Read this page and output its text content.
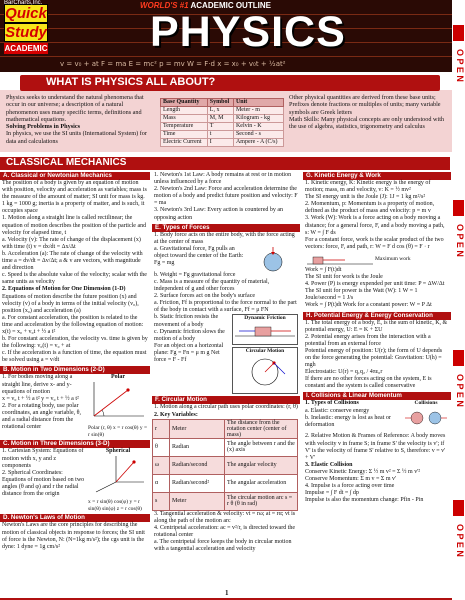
v = v₀ + at F = ma E = mc² p = mv W = F·d x = x₀ + v₀t + ½at²
Quick
Study
ACADEMIC
BarCharts,Inc.	WORLD'S #1 ACADEMIC OUTLINE
PHYSICS
O P E N
O P E N
O P E N
O P E N
WHAT IS PHYSICS ALL ABOUT?
Physics seeks to understand the natural phenomena that occur in our universe; a description of a natural phenomenon uses many specific terms, definitions and mathematical equations.
Solving Problems in Physics
In physics, we use the SI units (International System) for data and calculations
Base Quantity	Symbol	Unit
Length	L, x	Meter - m
Mass	M, M	Kilogram - kg
Temperature	T	Kelvin - K
Time	t	Second - s
Electric Current	I	Ampere - A (C/s)
Other physical quantities are derived from these base units; Prefixes denote fractions or multiples of units; many variable symbols are Greek letters
Math Skills: Many physical concepts are only understood with the use of algebra, statistics, trigonometry and calculus
CLASSICAL MECHANICS
A. Classical or Newtonian Mechanics
The position of a body is given by an equation of motion with position, velocity and acceleration as variables; mass is the measure of the amount of matter; SI unit for mass is kg. 1 kg = 1000 g; inertia is a property of matter, and is such, it occupies space
1. Motion along a straight line is called rectilinear; the equation of motion describes the position of the particle and velocity for elapsed time, t
a. Velocity (v): The rate of change of the displacement (x) with time (t) v = dx/dt = Δx/Δt
b. Acceleration (a): The rate of change of the velocity with time a = dv/dt = Δv/Δt; a & v are vectors, with magnitude and direction
c. Speed is the absolute value of the velocity; scalar with the same units as velocity
2. Equations of Motion for One Dimension (1-D)
Equations of motion describe the future position (x) and velocity (v) of a body in terms of the initial velocity (v₀), position (x₀) and acceleration (a)
a. For constant acceleration, the position is related to the time and acceleration by the following equation of motion: x(t) = x₀ + v₀t + ½ a t²
b. For constant acceleration, the velocity vs. time is given by the following: v₀(t) = v₀ + at
c. If the acceleration is a function of time, the equation must be solved using a = v/dt
B. Motion in Two Dimensions (2-D)
1. For bodies moving along a straight line, derive x- and y- equations of motion
x = v₀ t + ½ a t² y = v₀ t + ½ a t²
2. For a rotating body, use polar coordinates, an angle variable, θ, and a radial distance from the rotational center
Polar
Polar (r, θ) x = r cos(θ) y = r sin(θ)
C. Motion in Three Dimensions (3-D)
1. Cartesian System: Equations of motion with x, y and z components
2. Spherical Coordinates: Equations of motion based on two angles (θ and φ) and r the radial distance from the origin
Spherical
x = r sin(θ) cos(φ) y = r sin(θ) sin(φ) z = r cos(θ)
D. Newton's Laws of Motion
Newton's Laws are the core principles for describing the motion of classical objects in response to forces; the SI unit of force is the Newton, N: (N=1kg m/s²); the cgs unit is the dyne: 1 dyne = 1g cm/s²
1. Newton's 1st Law: A body remains at rest or in motion unless influenced by a force
2. Newton's 2nd Law: Force and acceleration determine the motion of a body and predict future position and velocity: F = ma
3. Newton's 3rd Law: Every action is countered by an opposing action
E. Types of Forces
1. Body force acts on the entire body, with the force acting at the center of mass
a. Gravitational force, Fg pulls an object toward the center of the Earth: Fg = mg
b. Weight = Fg gravitational force
c. Mass is a measure of the quantity of material, independent of g and other forces
2. Surface forces act on the body's surface
a. Friction, Ff is proportional to the force normal to the part of the body in contact with a surface, Ff = μ FN
b. Static friction resists the movement of a body
c. Dynamic friction slows the motion of a body
For an object on a horizontal plane: Fg = Fn = μ m g Net force = F - Ff
Dynamic Friction
Circular Motion
F. Circular Motion
1. Motion along a circular path uses polar coordinates: (r, θ)
2. Key Variables:
r	Meter	The distance from the rotation center (center of mass)
θ	Radian	The angle between r and the (x) axis
ω	Radian/second	The angular velocity
α	Radian/second²	The angular acceleration
s	Meter	The circular motion arc s = r θ (θ in rad)
3. Tangential acceleration & velocity: vt = rω; at = rα; vt is along the path of the motion arc
4. Centripetal acceleration: ac = v²/r, is directed toward the rotational center
a. The centripetal force keeps the body in circular motion with a tangential acceleration and velocity
G. Kinetic Energy & Work
1. Kinetic energy, K: Kinetic energy is the energy of motion; mass, m and velocity, v: K = ½ mv²
The SI energy unit is the Joule (J): 1J = 1 kg m²/s²
2. Momentum, p: Momentum is a property of motion, defined as the product of mass and velocity: p = m v
3. Work (W): Work is a force acting on a body moving a distance; for a general force, F, and a body moving a path, s: W = ∫ F ds
For a constant force, work is the scalar product of the two vectors: force, F, and path, r: W = F d cos (θ) = F · r
Maximum work
Work = ∫ F(t)dt
The SI unit for work is the Joule
4. Power (P) is energy expended per unit time: P = ΔW/Δt
The SI unit for power is the Watt (W): 1 W = 1 Joule/second = 1 J/s
Work = ∫ P(t)dt Work for a constant power: W = P Δt
H. Potential Energy & Energy Conservation
1. The total energy of a body, E, is the sum of kinetic, K, & potential energy, U: E = K + ΣU
2. Potential energy arises from the interaction with a potential from an external force
Potential energy of position: U(r); the form of U depends on the force generating the potential: Gravitation: U(h) = mgh
Electrostatic: U(r) = q₁q₂ / 4πε₀r
If there are no other forces acting on the system, E is constant and the system is called conservative
I. Collisions & Linear Momentum
1. Types of Collisions
a. Elastic: conserve energy
b. Inelastic: energy is lost as heat or deformation
Collisions
2. Relative Motion & Frames of Reference: A body moves with velocity v in frame S; in frame S' the velocity is v'; if V' is the velocity of frame S' relative to S, therefore: v = v' + V'
3. Elastic Collision
Conserve Kinetic Energy: Σ ½ m v² = Σ ½ m v'²
Conserve Momentum: Σ m v = Σ m v'
4. Impulse is a force acting over time
Impulse = ∫ F dt = ∫ dp
Impulse is also the momentum change: Pfin - Pin
1
